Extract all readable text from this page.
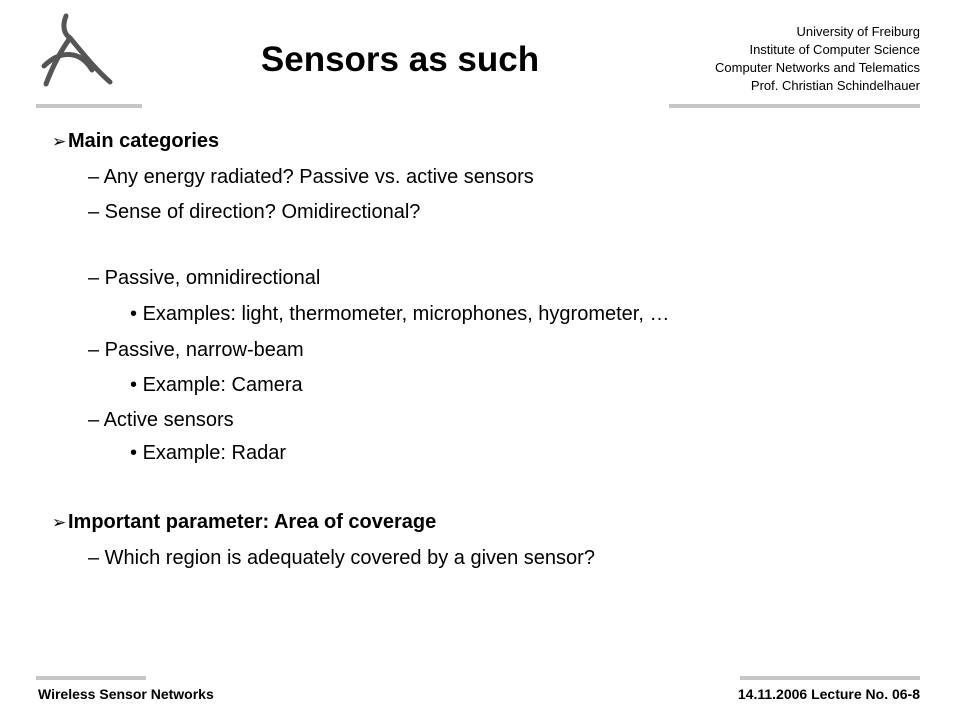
Sensors as such
University of Freiburg
Institute of Computer Science
Computer Networks and Telematics
Prof. Christian Schindelhauer
➢Main categories
– Any energy radiated? Passive vs. active sensors
– Sense of direction? Omidirectional?
– Passive, omnidirectional
• Examples: light, thermometer, microphones, hygrometer, …
– Passive, narrow-beam
• Example: Camera
– Active sensors
• Example: Radar
➢Important parameter: Area of coverage
– Which region is adequately covered by a given sensor?
Wireless Sensor Networks	14.11.2006 Lecture No. 06-8
